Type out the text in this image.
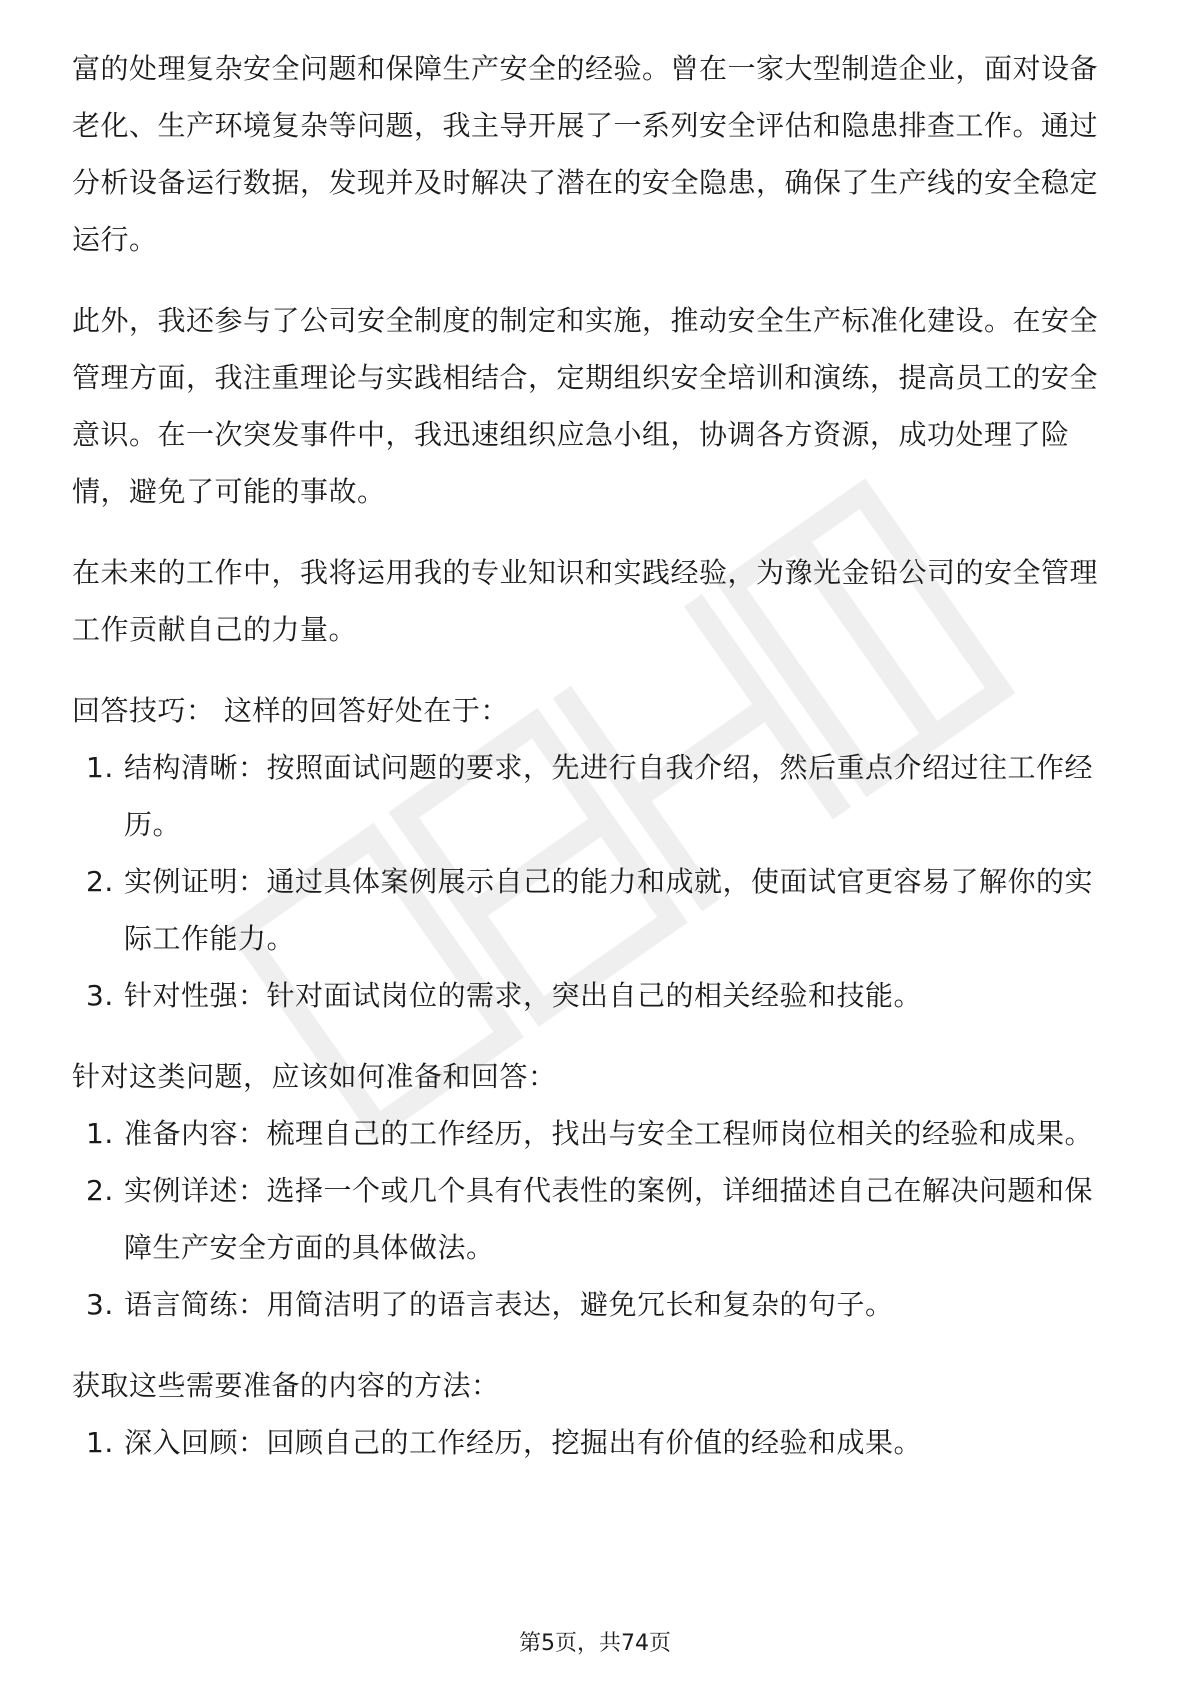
富的处理复杂安全问题和保障生产安全的经验。曾在一家大型制造企业，面对设备老化、生产环境复杂等问题，我主导开展了一系列安全评估和隐患排查工作。通过分析设备运行数据，发现并及时解决了潜在的安全隐患，确保了生产线的安全稳定运行。

此外，我还参与了公司安全制度的制定和实施，推动安全生产标准化建设。在安全管理方面，我注重理论与实践相结合，定期组织安全培训和演练，提高员工的安全意识。在一次突发事件中，我迅速组织应急小组，协调各方资源，成功处理了险情，避免了可能的事故。

在未来的工作中，我将运用我的专业知识和实践经验，为豫光金铅公司的安全管理工作贡献自己的力量。

回答技巧： 这样的回答好处在于：

1. 结构清晰：按照面试问题的要求，先进行自我介绍，然后重点介绍过往工作经历。
2. 实例证明：通过具体案例展示自己的能力和成就，使面试官更容易了解你的实际工作能力。
3. 针对性强：针对面试岗位的需求，突出自己的相关经验和技能。

针对这类问题，应该如何准备和回答：

1. 准备内容：梳理自己的工作经历，找出与安全工程师岗位相关的经验和成果。
2. 实例详述：选择一个或几个具有代表性的案例，详细描述自己在解决问题和保障生产安全方面的具体做法。
3. 语言简练：用简洁明了的语言表达，避免冗长和复杂的句子。

获取这些需要准备的内容的方法：

1. 深入回顾：回顾自己的工作经历，挖掘出有价值的经验和成果。
第5页，共74页
